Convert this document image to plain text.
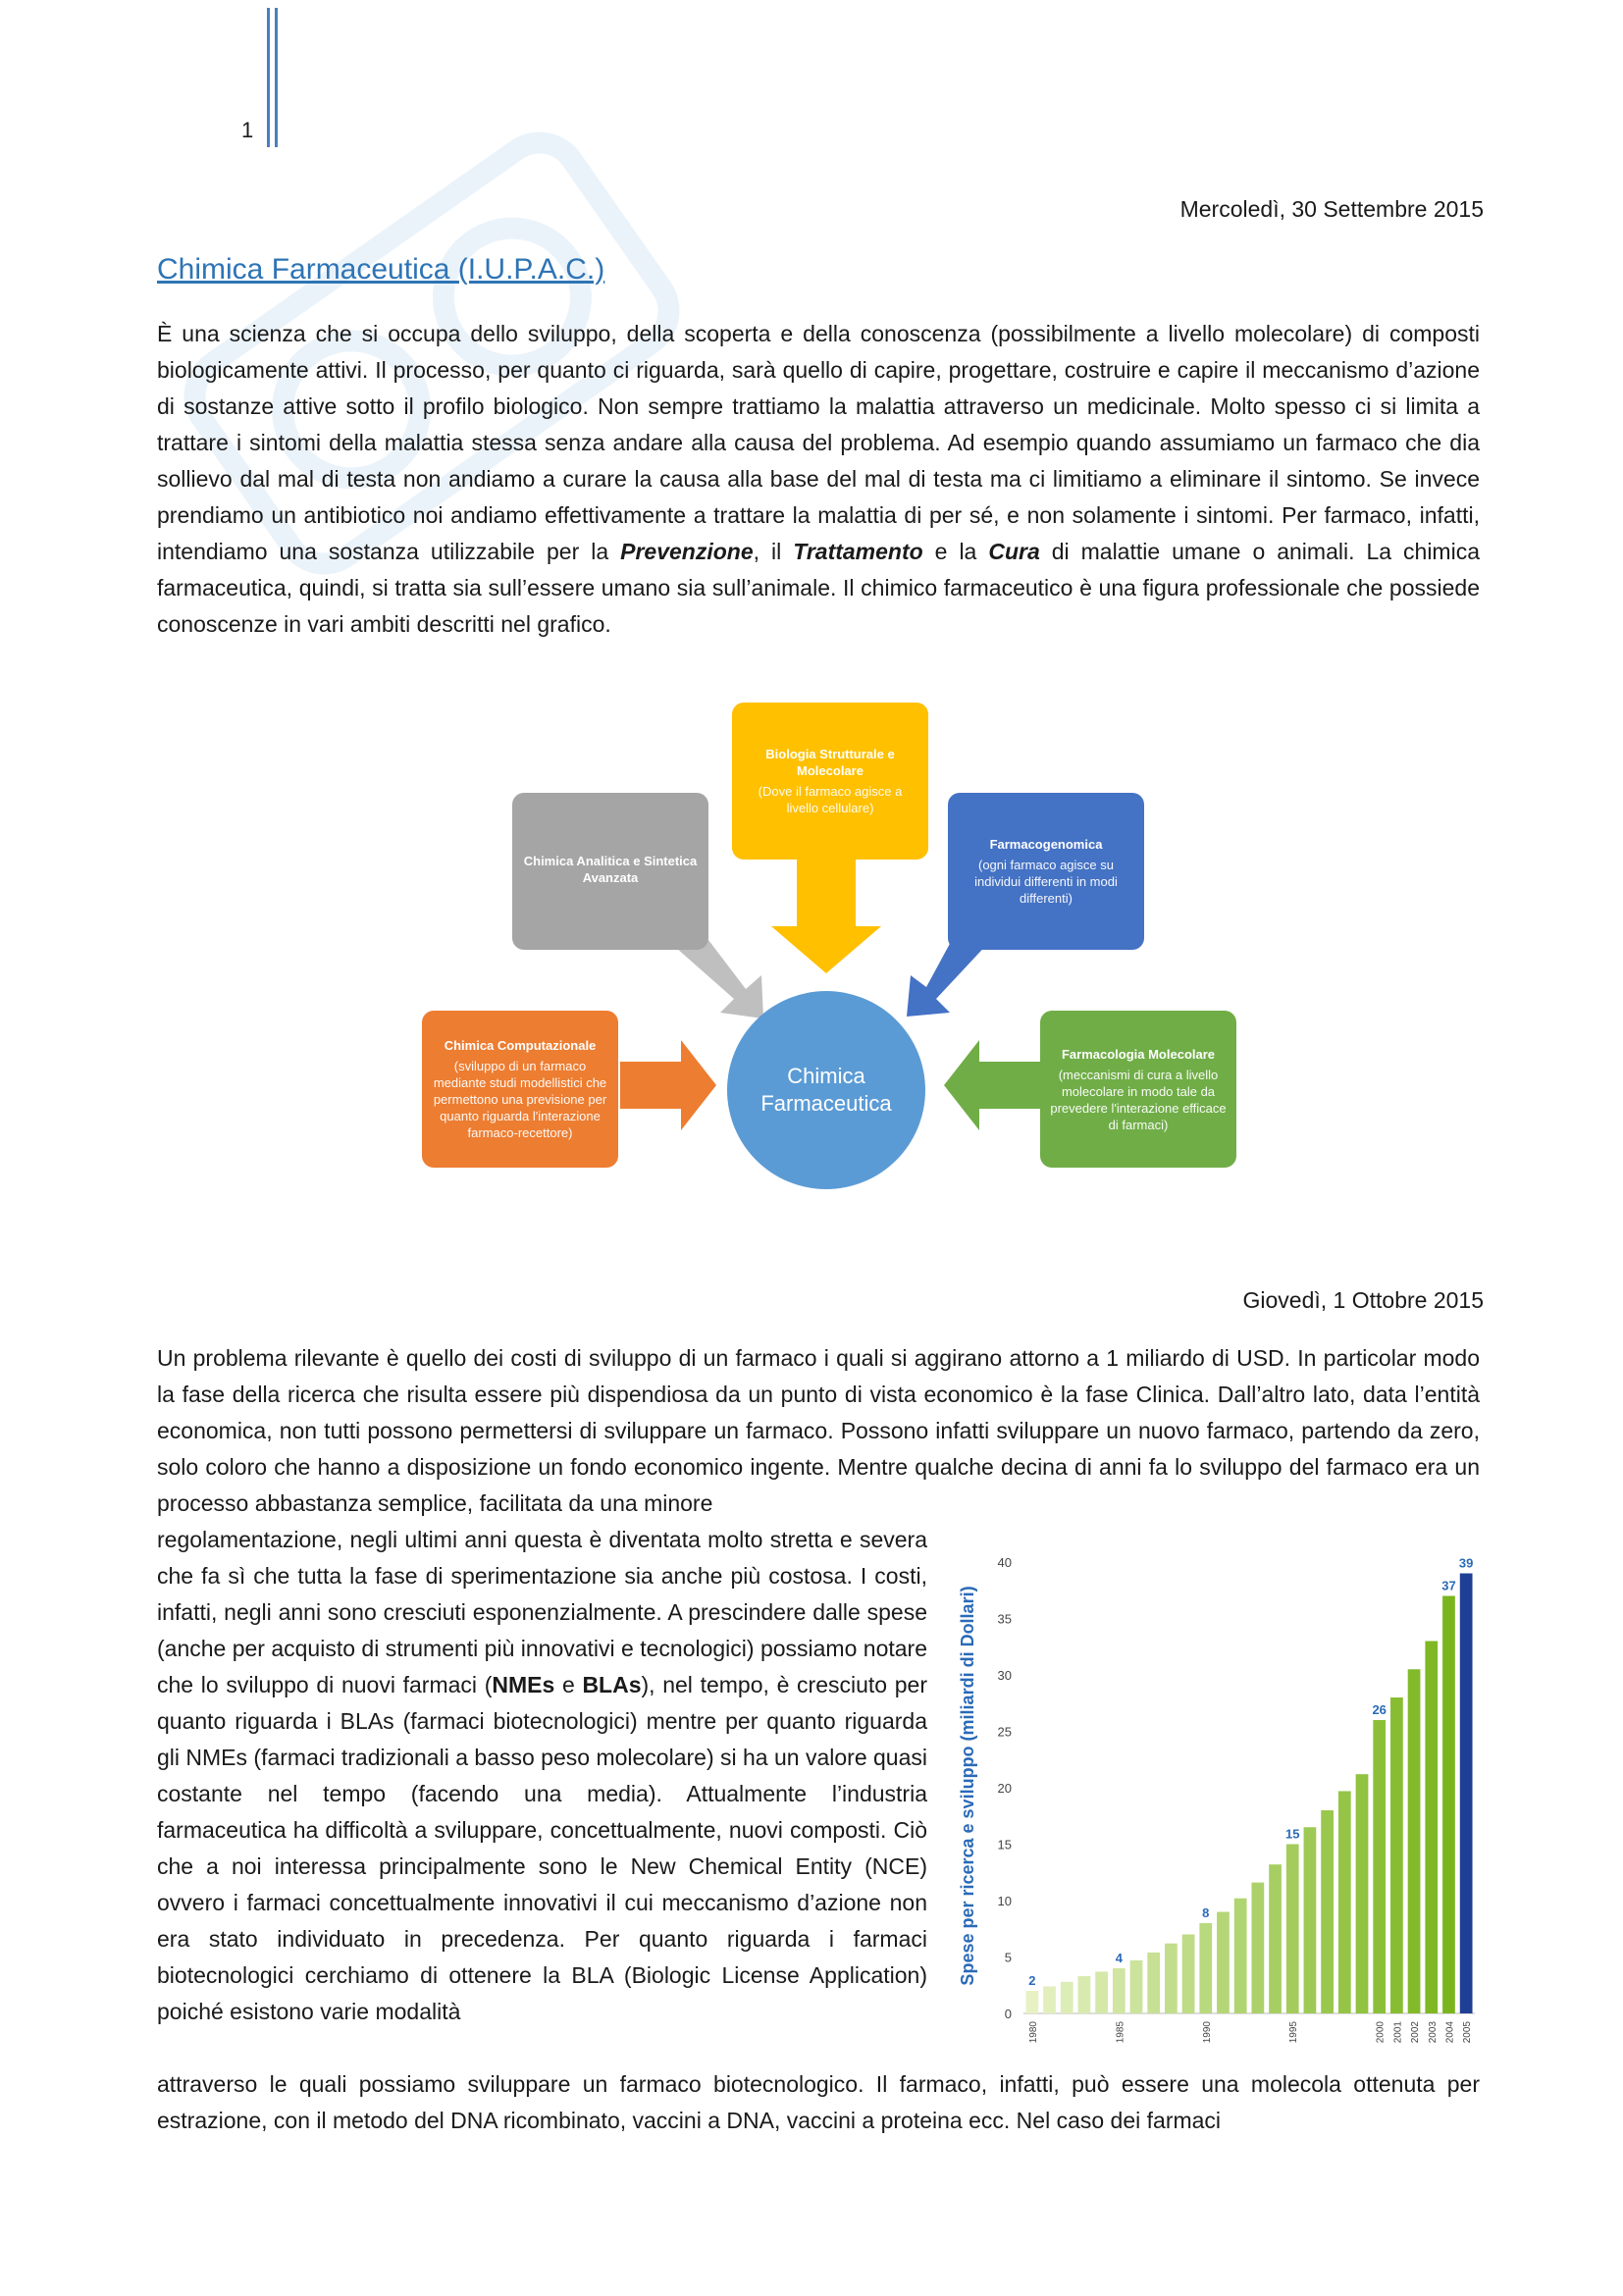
1
Mercoledì, 30 Settembre 2015
Chimica Farmaceutica (I.U.P.A.C.)
È una scienza che si occupa dello sviluppo, della scoperta e della conoscenza (possibilmente a livello molecolare) di composti biologicamente attivi. Il processo, per quanto ci riguarda, sarà quello di capire, progettare, costruire e capire il meccanismo d’azione di sostanze attive sotto il profilo biologico. Non sempre trattiamo la malattia attraverso un medicinale. Molto spesso ci si limita a trattare i sintomi della malattia stessa senza andare alla causa del problema. Ad esempio quando assumiamo un farmaco che dia sollievo dal mal di testa non andiamo a curare la causa alla base del mal di testa ma ci limitiamo a eliminare il sintomo. Se invece prendiamo un antibiotico noi andiamo effettivamente a trattare la malattia di per sé, e non solamente i sintomi. Per farmaco, infatti, intendiamo una sostanza utilizzabile per la Prevenzione, il Trattamento e la Cura di malattie umane o animali. La chimica farmaceutica, quindi, si tratta sia sull’essere umano sia sull’animale. Il chimico farmaceutico è una figura professionale che possiede conoscenze in vari ambiti descritti nel grafico.
Biologia Strutturale e Molecolare
(Dove il farmaco agisce a livello cellulare)
Chimica Analitica e Sintetica Avanzata
Farmacogenomica
(ogni farmaco agisce su individui differenti in modi differenti)
Chimica Computazionale
(sviluppo di un farmaco mediante studi modellistici che permettono una previsione per quanto riguarda l'interazione farmaco-recettore)
Farmacologia Molecolare
(meccanismi di cura a livello molecolare in modo tale da prevedere l'interazione efficace di farmaci)
Chimica
Farmaceutica
Giovedì, 1 Ottobre 2015
Un problema rilevante è quello dei costi di sviluppo di un farmaco i quali si aggirano attorno a 1 miliardo di USD. In particolar modo la fase della ricerca che risulta essere più dispendiosa da un punto di vista economico è la fase Clinica. Dall’altro lato, data l’entità economica, non tutti possono permettersi di sviluppare un farmaco. Possono infatti sviluppare un nuovo farmaco, partendo da zero, solo coloro che hanno a disposizione un fondo economico ingente. Mentre qualche decina di anni fa lo sviluppo del farmaco era un processo abbastanza semplice, facilitata da una minore
regolamentazione, negli ultimi anni questa è diventata molto stretta e severa che fa sì che tutta la fase di sperimentazione sia anche più costosa. I costi, infatti, negli anni sono cresciuti esponenzialmente. A prescindere dalle spese (anche per acquisto di strumenti più innovativi e tecnologici) possiamo notare che lo sviluppo di nuovi farmaci (NMEs e BLAs), nel tempo, è cresciuto per quanto riguarda i BLAs (farmaci biotecnologici) mentre per quanto riguarda gli NMEs (farmaci tradizionali a basso peso molecolare) si ha un valore quasi costante nel tempo (facendo una media). Attualmente l’industria farmaceutica ha difficoltà a sviluppare, concettualmente, nuovi composti. Ciò che a noi interessa principalmente sono le New Chemical Entity (NCE) ovvero i farmaci concettualmente innovativi il cui meccanismo d’azione non era stato individuato in precedenza. Per quanto riguarda i farmaci biotecnologici cerchiamo di ottenere la BLA (Biologic License Application) poiché esistono varie modalità
Spese per ricerca e sviluppo (miliardi di Dollari)
0
5
10
15
20
25
30
35
40
2
4
8
15
26
37
39
1980	1985	1990	1995	2000 2001 2002 2003 2004 2005
attraverso le quali possiamo sviluppare un farmaco biotecnologico. Il farmaco, infatti, può essere una molecola ottenuta per estrazione, con il metodo del DNA ricombinato, vaccini a DNA, vaccini a proteina ecc. Nel caso dei farmaci
